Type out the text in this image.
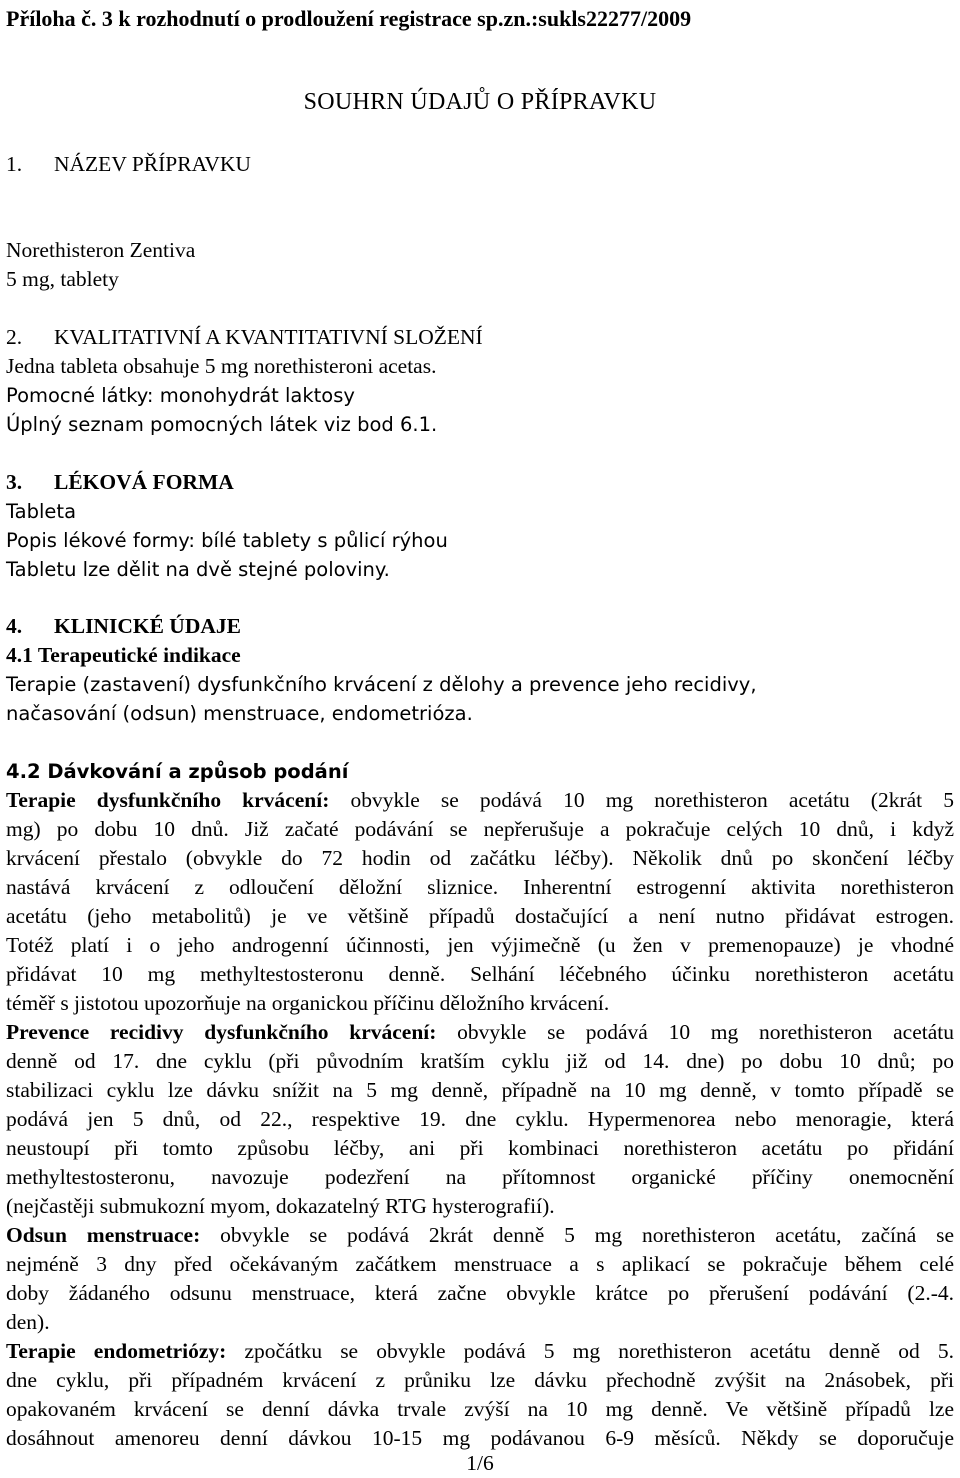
Příloha č. 3 k rozhodnutí o prodloužení registrace sp.zn.:sukls22277/2009
SOUHRN ÚDAJŮ O PŘÍPRAVKU
1. NÁZEV PŘÍPRAVKU
Norethisteron Zentiva
5 mg, tablety
2. KVALITATIVNÍ A KVANTITATIVNÍ SLOŽENÍ
Jedna tableta obsahuje 5 mg norethisteroni acetas.
Pomocné látky: monohydrát laktosy
Úplný seznam pomocných látek viz bod 6.1.
3. LÉKOVÁ FORMA
Tableta
Popis lékové formy: bílé tablety s půlicí rýhou
Tabletu lze dělit na dvě stejné poloviny.
4. KLINICKÉ ÚDAJE
4.1 Terapeutické indikace
Terapie (zastavení) dysfunkčního krvácení z dělohy a prevence jeho recidivy,
načasování (odsun) menstruace, endometrióza.
4.2 Dávkování a způsob podání
Terapie dysfunkčního krvácení: obvykle se podává 10 mg norethisteron acetátu (2krát 5
mg) po dobu 10 dnů. Již začaté podávání se nepřerušuje a pokračuje celých 10 dnů, i když
krvácení přestalo (obvykle do 72 hodin od začátku léčby). Několik dnů po skončení léčby
nastává krvácení z odloučení děložní sliznice. Inherentní estrogenní aktivita norethisteron
acetátu (jeho metabolitů) je ve většině případů dostačující a není nutno přidávat estrogen.
Totéž platí i o jeho androgenní účinnosti, jen výjimečně (u žen v premenopauze) je vhodné
přidávat 10 mg methyltestosteronu denně. Selhání léčebného účinku norethisteron acetátu
téměř s jistotou upozorňuje na organickou příčinu děložního krvácení.
Prevence recidivy dysfunkčního krvácení: obvykle se podává 10 mg norethisteron acetátu
denně od 17. dne cyklu (při původním kratším cyklu již od 14. dne) po dobu 10 dnů; po
stabilizaci cyklu lze dávku snížit na 5 mg denně, případně na 10 mg denně, v tomto případě se
podává jen 5 dnů, od 22., respektive 19. dne cyklu. Hypermenorea nebo menoragie, která
neustoupí při tomto způsobu léčby, ani při kombinaci norethisteron acetátu po přidání
methyltestosteronu, navozuje podezření na přítomnost organické příčiny onemocnění
(nejčastěji submukozní myom, dokazatelný RTG hysterografií).
Odsun menstruace: obvykle se podává 2krát denně 5 mg norethisteron acetátu, začíná se
nejméně 3 dny před očekávaným začátkem menstruace a s aplikací se pokračuje během celé
doby žádaného odsunu menstruace, která začne obvykle krátce po přerušení podávání (2.-4.
den).
Terapie endometriózy: zpočátku se obvykle podává 5 mg norethisteron acetátu denně od 5.
dne cyklu, při případném krvácení z průniku lze dávku přechodně zvýšit na 2násobek, při
opakovaném krvácení se denní dávka trvale zvýší na 10 mg denně. Ve většině případů lze
dosáhnout amenoreu denní dávkou 10-15 mg podávanou 6-9 měsíců. Někdy se doporučuje
1/6
